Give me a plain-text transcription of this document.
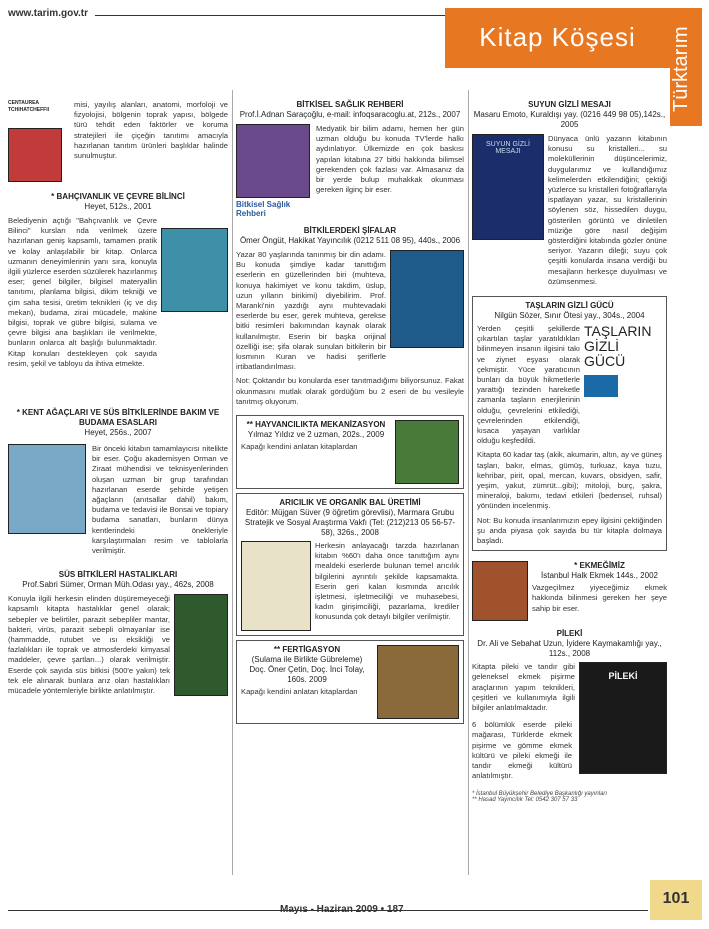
www.tarim.gov.tr
Kitap Köşesi	Türktarım
CENTAUREA TCHIHATCHEFFII
misi, yayılış alanları, anatomi, morfoloji ve fizyolojisi, bölgenin toprak yapısı, bölgede türü tehdit eden faktörler ve koruma stratejileri ile çiçeğin tanıtımı amacıyla hazırlanan tanıtım ürünleri başlıklar halinde sunulmuştur.
* BAHÇIVANLIK VE ÇEVRE BİLİNCİ
Heyet, 512s., 2001
Belediyenin açtığı "Bahçıvanlık ve Çevre Bilinci" kursları nda verilmek üzere hazırlanan geniş kapsamlı, tamamen pratik ve kolay anlaşılabilir bir kitap. Onlarca uzmanın deneyimlerinin yanı sıra, konuyla ilgili yüzlerce eserden süzülerek hazırlanmış eser; genel bilgiler, bilgisel materyallin tanıtımı, planlama bilgisi, dikim tekniği ve çim saha tesisi, üretim teknikleri (iç ve dış mekan), budama, zirai mücadele, makine bilgisi, toprak ve gübre bilgisi, sulama ve çevre bilgisi ana başlıkları ile verilmekte, bunların onlarca alt başlığı bulunmaktadır. Kitap konuları destekleyen çok sayıda resim, şekil ve tabloyu da ihtiva etmekte.
* KENT AĞAÇLARI VE SÜS BİTKİLERİNDE BAKIM VE BUDAMA ESASLARI
Heyet, 256s., 2007
Bir önceki kitabın tamamlayıcısı nitelikte bir eser. Çoğu akademisyen Orman ve Ziraat mühendisi ve teknisyenlerinden oluşan uzman bir grup tarafından hazırlanan eserde şehirde yetişen ağaçların (anıtsallar dahil) bakım, budama ve tedavisi ile Bonsai ve topiary budama sanatları, bunların dünya kentlerindeki önekleriyle karşılaştırmaları resim ve tablolarla verilmiştir.
SÜS BİTKİLERİ HASTALIKLARI
Prof.Sabri Sümer, Orman Müh.Odası yay., 462s, 2008
Konuyla ilgili herkesin elinden düşüremeyeceği kapsamlı kitapta hastalıklar genel olarak; sebepler ve belirtiler, parazit sebepliler mantar, bakteri, virüs, parazit sebepli olmayanlar ise (hammadde, rutubet ve ısı eksikliği ve fazlalıkları ile toprak ve atmosferdeki kimyasal maddeler, çevre şartları...) olarak verilmiştir. Eserde çok sayıda süs bitkisi (500'e yakın) tek tek ele alınarak bunlara arız olan hastalıkları mücadele yöntemleriyle birlikte anlatılmıştır.
BİTKİSEL SAĞLIK REHBERİ
Prof.İ.Adnan Saraçoğlu, e-mail: infoqsaracoglu.at, 212s., 2007
Bitkisel Sağlık Rehberi
Medyatik bir bilim adamı, hemen her gün uzman olduğu bu konuda TV'lerde halkı aydınlatıyor. Ülkemizde en çok baskısı yapılan kitabına 27 bitki hakkında bilimsel gerekenden çok fazlası var. Almasanız da bir yerde bulup muhakkak okunması gereken ilginç bir eser.
BİTKİLERDEKİ ŞİFALAR
Ömer Öngüt, Hakikat Yayıncılık (0212 511 08 95), 440s., 2006
Yazar 80 yaşlarında tanınmış bir din adamı. Bu konuda şimdiye kadar tanıttığım eserlerin en güzellerinden biri (muhteva, konuya hakimiyet ve konu takdim, üslup, uzun yılların birikimi) diyebilirim. Prof. Maranki'nin yazdığı aynı muhtevadaki eserlerde bu eser, gerek muhteva, gerekse bitki resimleri bakımından kaynak olarak kullanılmıştır. Eserin bir başka orijinal özelliği ise; şifa olarak sunulan bitkilerin bir kısmının Kuran ve hadisi şeriflerle irtibatlandırılması.
Not: Çoktandır bu konularda eser tanıtmadığımı biliyorsunuz. Fakat okunmasını mutlak olarak gördüğüm bu 2 eseri de bu vesileyle tanıtmış oluyorum.
** HAYVANCILIKTA MEKANİZASYON
Yılmaz Yıldız ve 2 uzman, 202s., 2009
Kapağı kendini anlatan kitaplardan
ARICILIK VE ORGANİK BAL ÜRETİMİ
Editör: Müjgan Süver (9 öğretim görevlisi), Marmara Grubu Stratejik ve Sosyal Araştırma Vakfı (Tel: (212)213 05 56-57-58), 326s., 2008
Herkesin anlayacağı tarzda hazırlanan kitabın %60'ı daha önce tanıttığım aynı mealdeki eserlerde bulunan temel arıcılık bilgilerini ayrıntılı şekilde kapsamakta. Eserin geri kalan kısmında arıcılık işletmesi, işletmeciliği ve muhasebesi, kadın girişimciliği, pazarlama, krediler konusunda çok detaylı bilgiler verilmiştir.
** FERTİGASYON
(Sulama ile Birlikte Gübreleme)
Doç. Öner Çetin, Doç. İnci Tolay, 160s. 2009
Kapağı kendini anlatan kitaplardan
SUYUN GİZLİ MESAJI
Masaru Emoto, Kuraldışı yay. (0216 449 98 05),142s., 2005
SUYUN GİZLİ MESAJI
Dünyaca ünlü yazarın kitabının konusu su kristalleri... su moleküllerinin düşüncelerimiz, duygularımız ve kullandığımız kelimelerden etkilendiğini; çektiği yüzlerce su kristalleri fotoğraflarıyla ispatlayan yazar, su kristallerinin söylenen söz, hissedilen duygu, gösterilen görüntü ve dinletilen müziğe göre nasıl değişim gösterdiğini kitabında gözler önüne seriyor. Yazarın dileği; suyu çok çeşitli konularda insana verdiği bu mesajların herkesçe duyulması ve özümsenmesi.
TAŞLARIN GİZLİ GÜCÜ
Nilgün Sözer, Sınır Ötesi yay., 304s., 2004
Yerden çeşitli şekillerde çıkartılan taşlar yaratıldıkları bilinmeyen insanın ilgisini takı ve ziynet eşyası olarak çekmiştir. Yüce yaratıcının bunları da büyük hikmetlerle yarattığı tezinden hareketle zamanla taşların enerjilerinin olduğu, çevrelerini etkilediği, çevrelerinden etkilendiği, kısaca yaşayan varlıklar olduğu keşfedildi.
TAŞLARIN GİZLİ GÜCÜ
Kitapta 60 kadar taş (akik, akumarin, altın, ay ve güneş taşları, bakır, elmas, gümüş, turkuaz, kaya tuzu, kehribar, pirit, opal, mercan, kuvars, obsidyen, safir, yeşim, yakut, zümrüt...gibi); mitoloji, burç, şakra, mineraloji, bakımı, tedavi etkileri (bedensel, ruhsal) yönünden incelenmiş.
Not: Bu konuda insanlarımızın epey ilgisini çektiğinden şu anda piyasa çok sayıda bu tür kitapla dolmaya başladı.
* EKMEĞİMİZ
İstanbul Halk Ekmek 144s., 2002
Vazgeçilmez yiyeceğimiz ekmek hakkında bilinmesi gereken her şeye sahip bir eser.
PİLEKİ
Dr. Ali ve Sebahat Uzun, İyidere Kaymakamlığı yay., 112s., 2008
Kitapta pileki ve tandır gibi geleneksel ekmek pişirme araçlarının yapım teknikleri, çeşitleri ve kullanımıyla ilgili bilgiler anlatılmaktadır.
PİLEKİ
6 bölümlük eserde pileki mağarası, Türklerde ekmek pişirme ve gömme ekmek kültürü ve pileki ekmeği ile tandır ekmeği kültürü anlatılmıştır.
* İstanbul Büyükşehir Belediye Başkanlığı yayınları
** Hasad Yayıncılık Tel: 0542 307 57 33
Mayıs - Haziran 2009 • 187
101
